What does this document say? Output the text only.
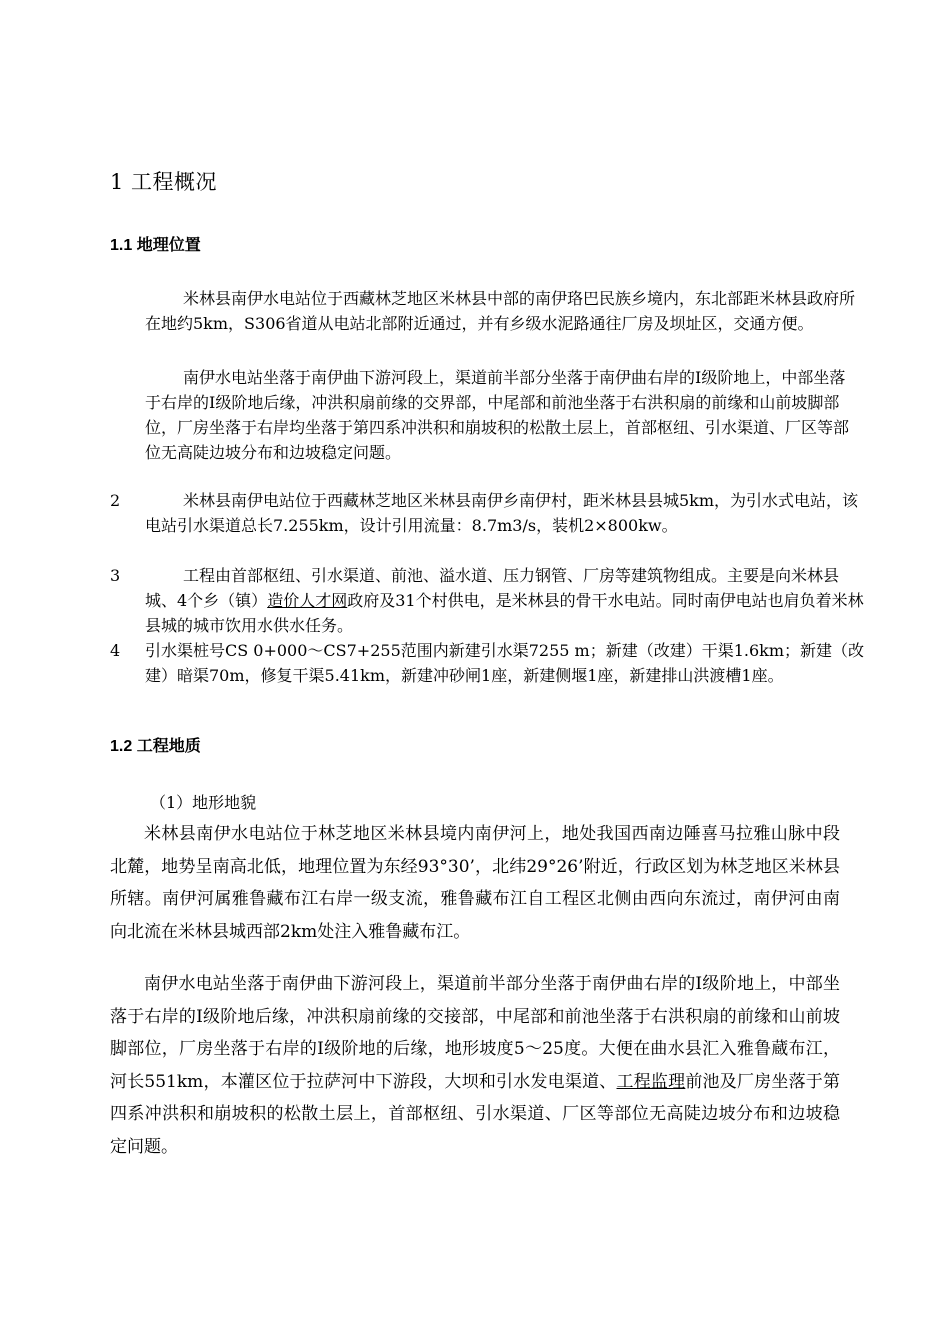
1 工程概况
1.1 地理位置

米林县南伊水电站位于西藏林芝地区米林县中部的南伊珞巴民族乡境内，东北部距米林县政府所在地约5km，S306省道从电站北部附近通过，并有乡级水泥路通往厂房及坝址区，交通方便。

南伊水电站坐落于南伊曲下游河段上，渠道前半部分坐落于南伊曲右岸的Ⅰ级阶地上，中部坐落于右岸的Ⅰ级阶地后缘，冲洪积扇前缘的交界部，中尾部和前池坐落于右洪积扇的前缘和山前坡脚部位，厂房坐落于右岸均坐落于第四系冲洪积和崩坡积的松散土层上，首部枢纽、引水渠道、厂区等部位无高陡边坡分布和边坡稳定问题。

2	米林县南伊电站位于西藏林芝地区米林县南伊乡南伊村，距米林县县城5km，为引水式电站，该电站引水渠道总长7.255km，设计引用流量：8.7m3/s，装机2×800kw。
3	工程由首部枢纽、引水渠道、前池、溢水道、压力钢管、厂房等建筑物组成。主要是向米林县城、4个乡（镇）造价人才网政府及31个村供电，是米林县的骨干水电站。同时南伊电站也肩负着米林县城的城市饮用水供水任务。
4	引水渠桩号CS 0+000～CS7+255范围内新建引水渠7255 m；新建（改建）干渠1.6km；新建（改建）暗渠70m，修复干渠5.41km，新建冲砂闸1座，新建侧堰1座，新建排山洪渡槽1座。
1.2 工程地质
（1）地形地貌

米林县南伊水电站位于林芝地区米林县境内南伊河上，地处我国西南边陲喜马拉雅山脉中段北麓，地势呈南高北低，地理位置为东经93°30’，北纬29°26’附近，行政区划为林芝地区米林县所辖。南伊河属雅鲁藏布江右岸一级支流，雅鲁藏布江自工程区北侧由西向东流过，南伊河由南向北流在米林县城西部2km处注入雅鲁藏布江。

南伊水电站坐落于南伊曲下游河段上，渠道前半部分坐落于南伊曲右岸的Ⅰ级阶地上，中部坐落于右岸的Ⅰ级阶地后缘，冲洪积扇前缘的交接部，中尾部和前池坐落于右洪积扇的前缘和山前坡脚部位，厂房坐落于右岸的Ⅰ级阶地的后缘，地形坡度5～25度。大便在曲水县汇入雅鲁蔵布江，河长551km，本灌区位于拉萨河中下游段，大坝和引水发电渠道、工程监理前池及厂房坐落于第四系冲洪积和崩坡积的松散土层上，首部枢纽、引水渠道、厂区等部位无高陡边坡分布和边坡稳定问题。
